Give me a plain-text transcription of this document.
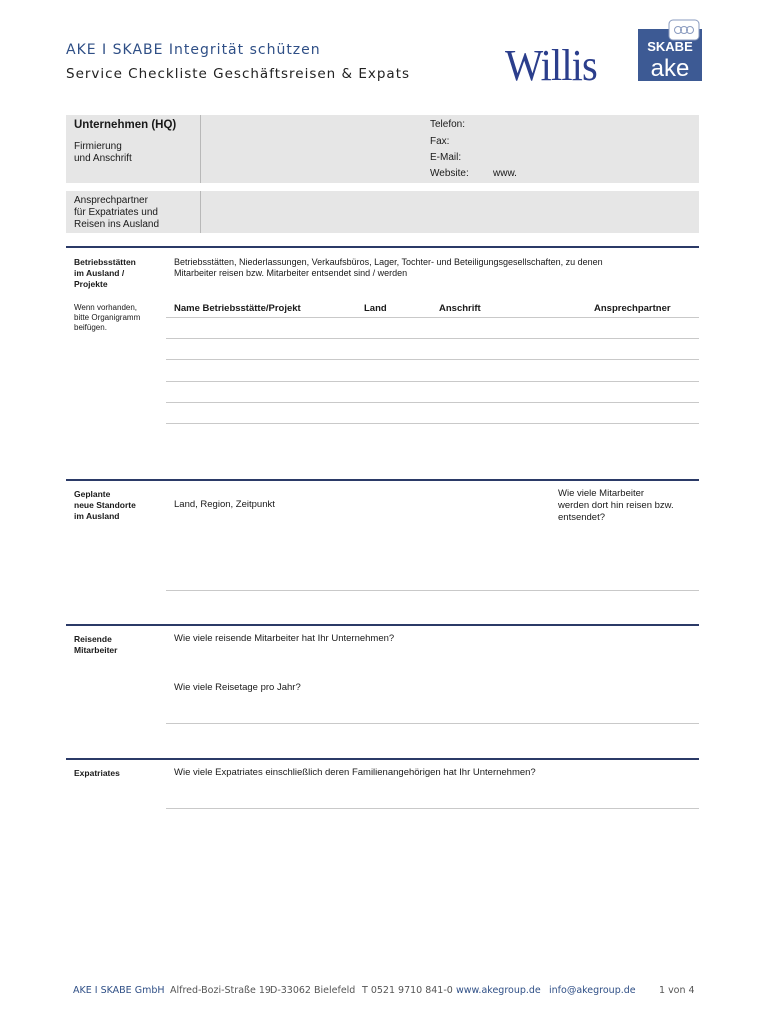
AKE I SKABE Integrität schützen
Service Checkliste Geschäftsreisen & Expats Willis	SKABE
ake
Unternehmen (HQ)
Firmierung
und Anschrift
Telefon:
Fax:
E-Mail:
Website: www.
Ansprechpartner
für Expatriates und
Reisen ins Ausland
Betriebsstätten
im Ausland /
Projekte
Wenn vorhanden,
bitte Organigramm
beifügen.
Betriebsstätten, Niederlassungen, Verkaufsbüros, Lager, Tochter- und Beteiligungsgesellschaften, zu denen
Mitarbeiter reisen bzw. Mitarbeiter entsendet sind / werden
Name Betriebsstätte/Projekt	Land	Anschrift	Ansprechpartner
Geplante
neue Standorte
im Ausland
Land, Region, Zeitpunkt
Wie viele Mitarbeiter
werden dort hin reisen bzw.
entsendet?
Reisende
Mitarbeiter
Wie viele reisende Mitarbeiter hat Ihr Unternehmen?
Wie viele Reisetage pro Jahr?
Expatriates	Wie viele Expatriates einschließlich deren Familienangehörigen hat Ihr Unternehmen?
AKE I SKABE GmbH Alfred-Bozi-Straße 19 D-33062 Bielefeld T 0521 9710 841-0 www.akegroup.de info@akegroup.de 1 von 4
